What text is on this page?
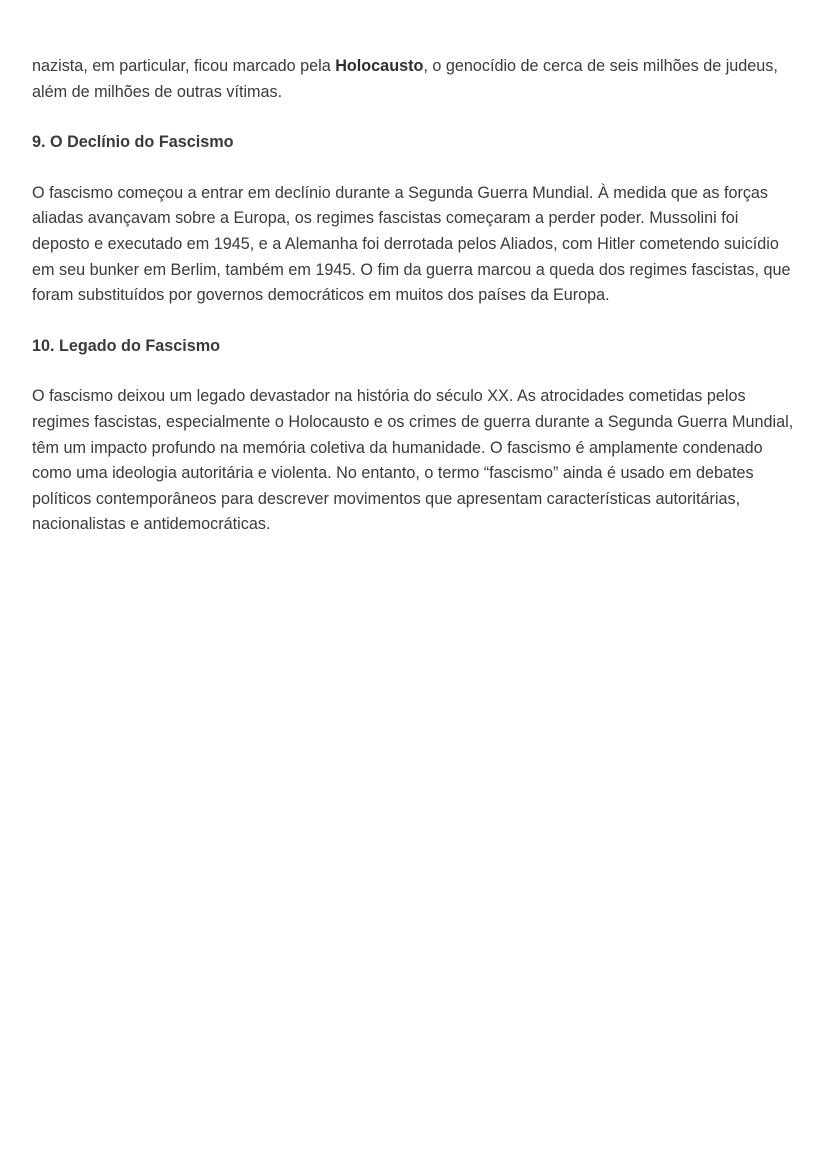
nazista, em particular, ficou marcado pela Holocausto, o genocídio de cerca de seis milhões de judeus, além de milhões de outras vítimas.

9. O Declínio do Fascismo

O fascismo começou a entrar em declínio durante a Segunda Guerra Mundial. À medida que as forças aliadas avançavam sobre a Europa, os regimes fascistas começaram a perder poder. Mussolini foi deposto e executado em 1945, e a Alemanha foi derrotada pelos Aliados, com Hitler cometendo suicídio em seu bunker em Berlim, também em 1945. O fim da guerra marcou a queda dos regimes fascistas, que foram substituídos por governos democráticos em muitos dos países da Europa.

10. Legado do Fascismo

O fascismo deixou um legado devastador na história do século XX. As atrocidades cometidas pelos regimes fascistas, especialmente o Holocausto e os crimes de guerra durante a Segunda Guerra Mundial, têm um impacto profundo na memória coletiva da humanidade. O fascismo é amplamente condenado como uma ideologia autoritária e violenta. No entanto, o termo “fascismo” ainda é usado em debates políticos contemporâneos para descrever movimentos que apresentam características autoritárias, nacionalistas e antidemocráticas.
